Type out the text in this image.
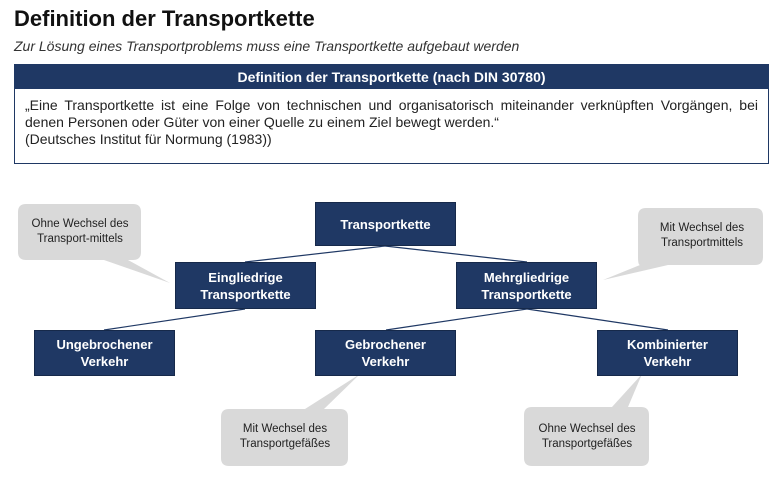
Definition der Transportkette
Zur Lösung eines Transportproblems muss eine Transportkette aufgebaut werden
Definition der Transportkette (nach DIN 30780)
„Eine Transportkette ist eine Folge von technischen und organisatorisch miteinander verknüpften Vorgängen, bei denen Personen oder Güter von einer Quelle zu einem Ziel bewegt werden.“
(Deutsches Institut für Normung (1983))
Transportkette
Eingliedrige Transportkette
Mehrgliedrige Transportkette
Ungebrochener Verkehr
Gebrochener Verkehr
Kombinierter Verkehr
Ohne Wechsel des Transport-mittels
Mit Wechsel des Transportmittels
Mit Wechsel des Transportgefäßes
Ohne Wechsel des Transportgefäßes
